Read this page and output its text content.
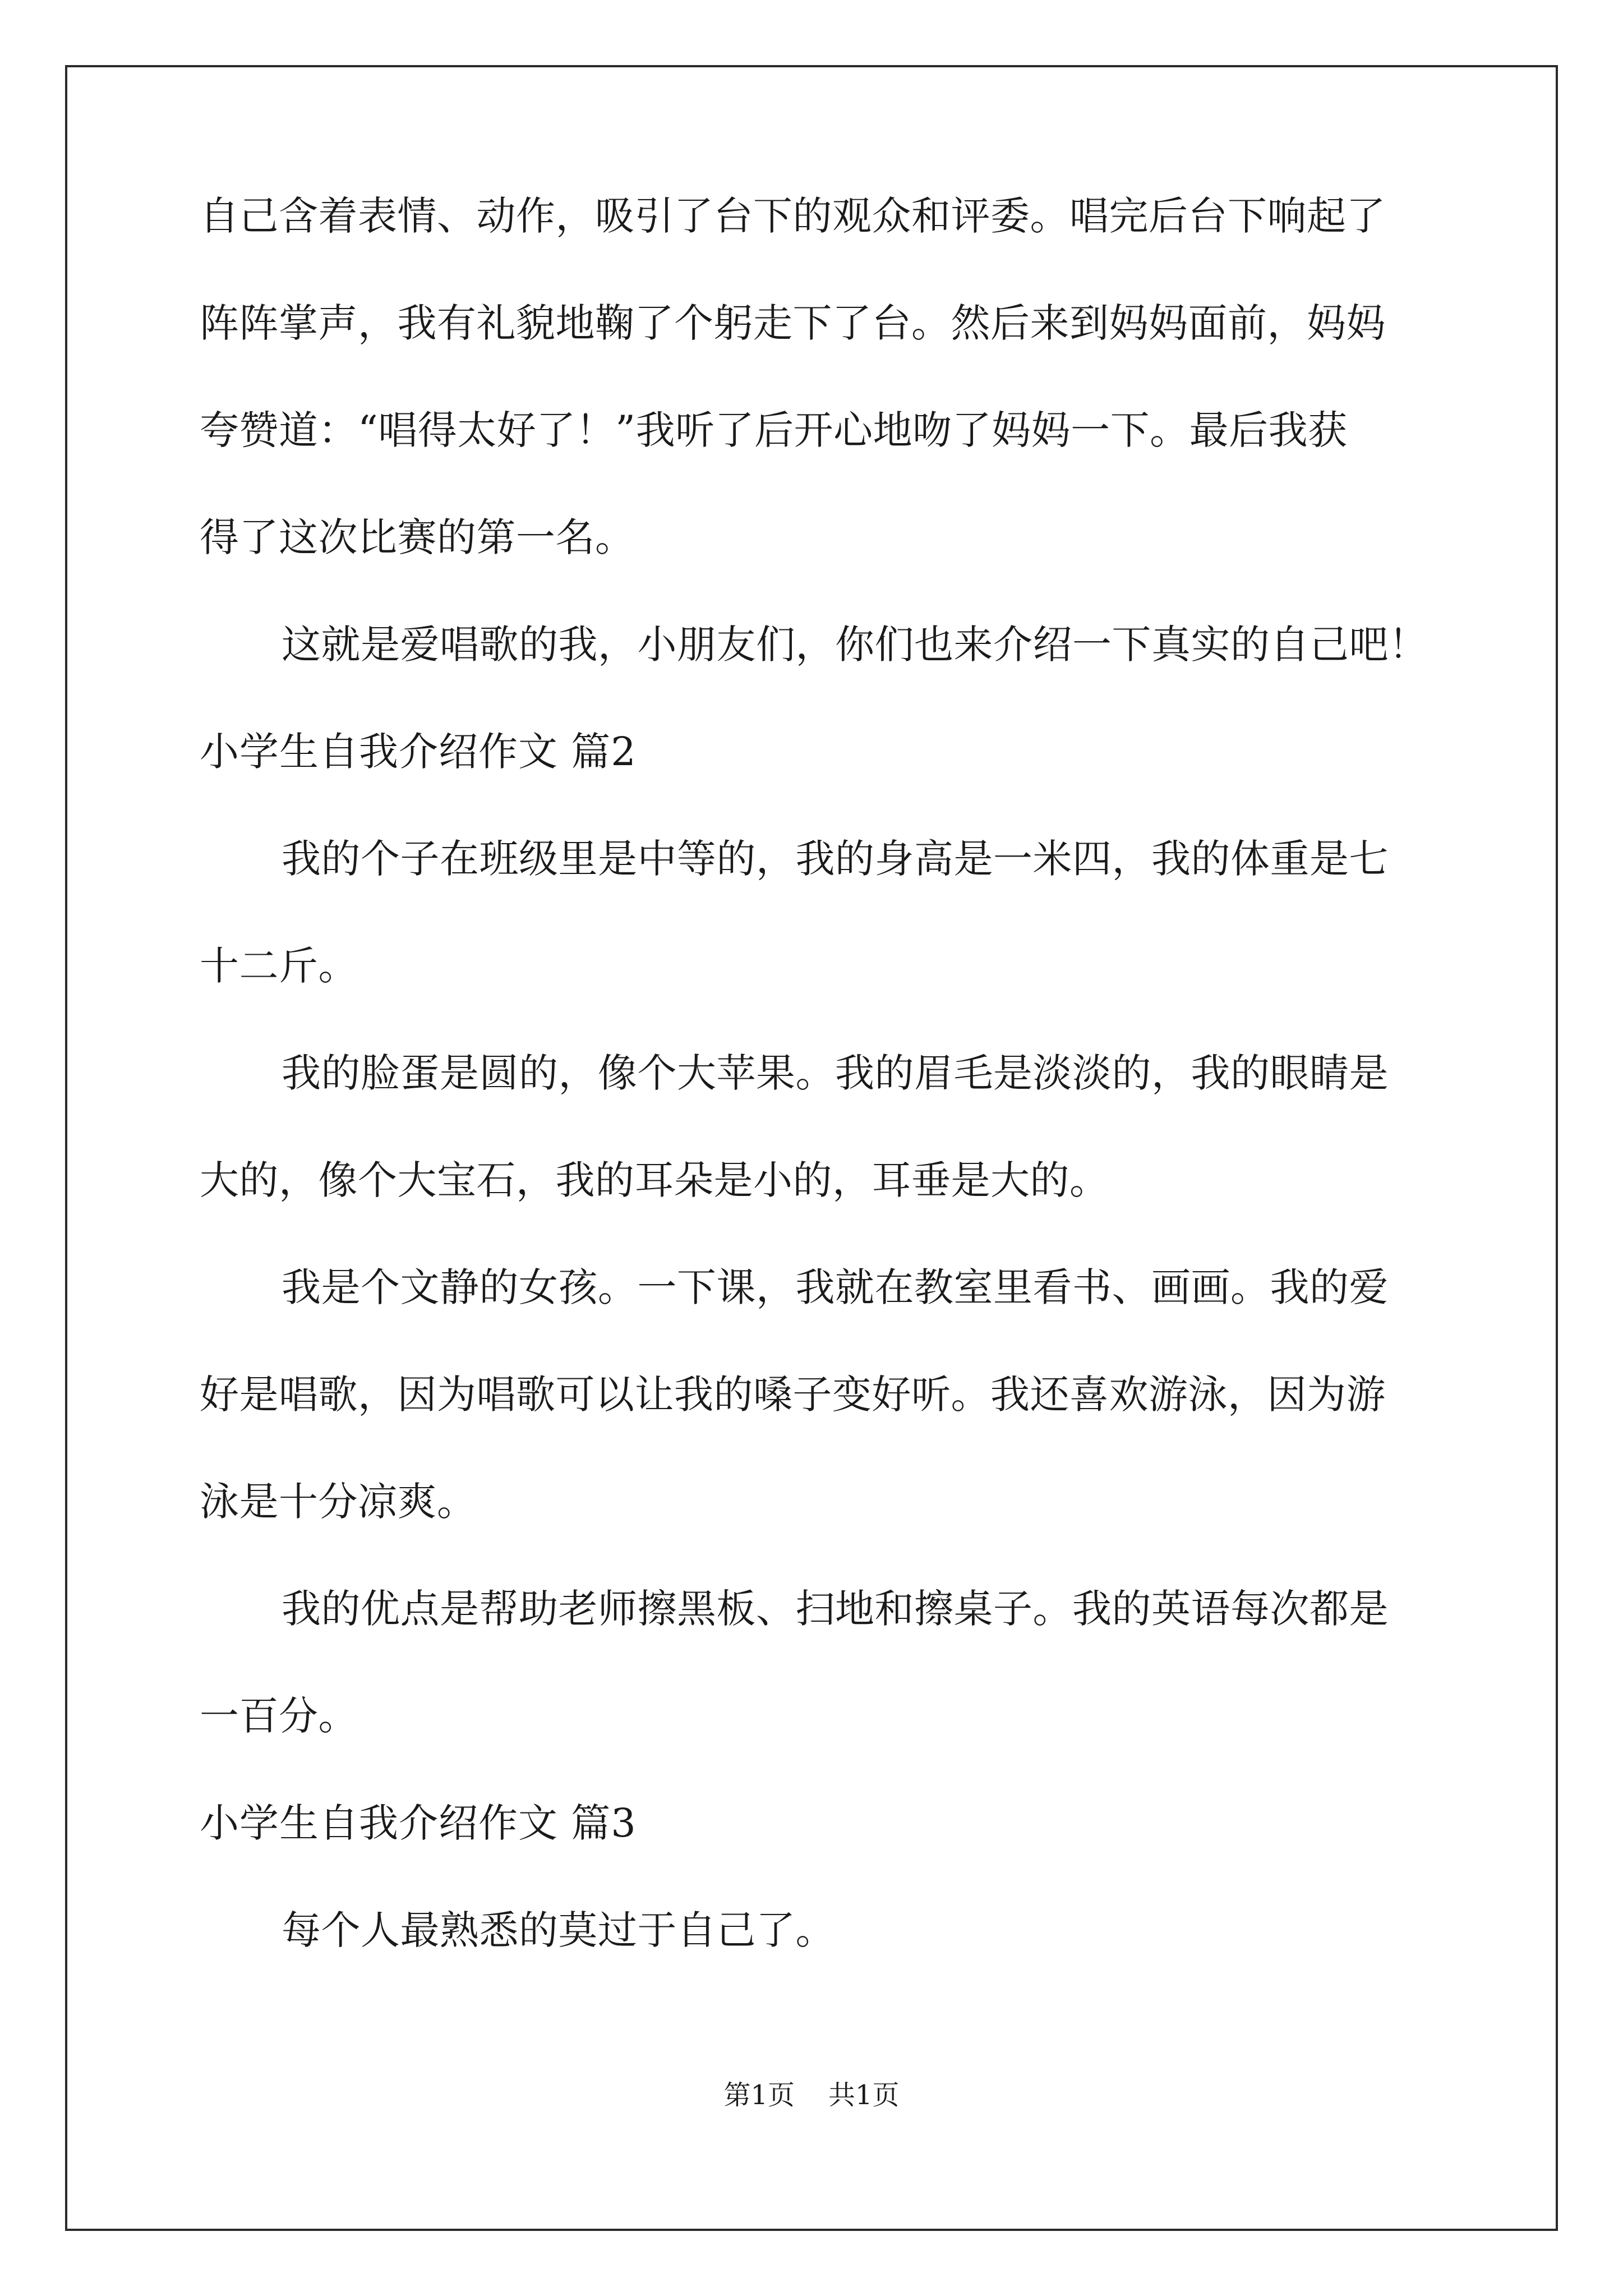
自己含着表情、动作，吸引了台下的观众和评委。唱完后台下响起了
阵阵掌声，我有礼貌地鞠了个躬走下了台。然后来到妈妈面前，妈妈
夸赞道：“唱得太好了！”我听了后开心地吻了妈妈一下。最后我获
得了这次比赛的第一名。
这就是爱唱歌的我，小朋友们，你们也来介绍一下真实的自己吧！
小学生自我介绍作文 篇2
我的个子在班级里是中等的，我的身高是一米四，我的体重是七
十二斤。
我的脸蛋是圆的，像个大苹果。我的眉毛是淡淡的，我的眼睛是
大的，像个大宝石，我的耳朵是小的，耳垂是大的。
我是个文静的女孩。一下课，我就在教室里看书、画画。我的爱
好是唱歌，因为唱歌可以让我的嗓子变好听。我还喜欢游泳，因为游
泳是十分凉爽。
我的优点是帮助老师擦黑板、扫地和擦桌子。我的英语每次都是
一百分。
小学生自我介绍作文 篇3
每个人最熟悉的莫过于自己了。
第1页 共1页
